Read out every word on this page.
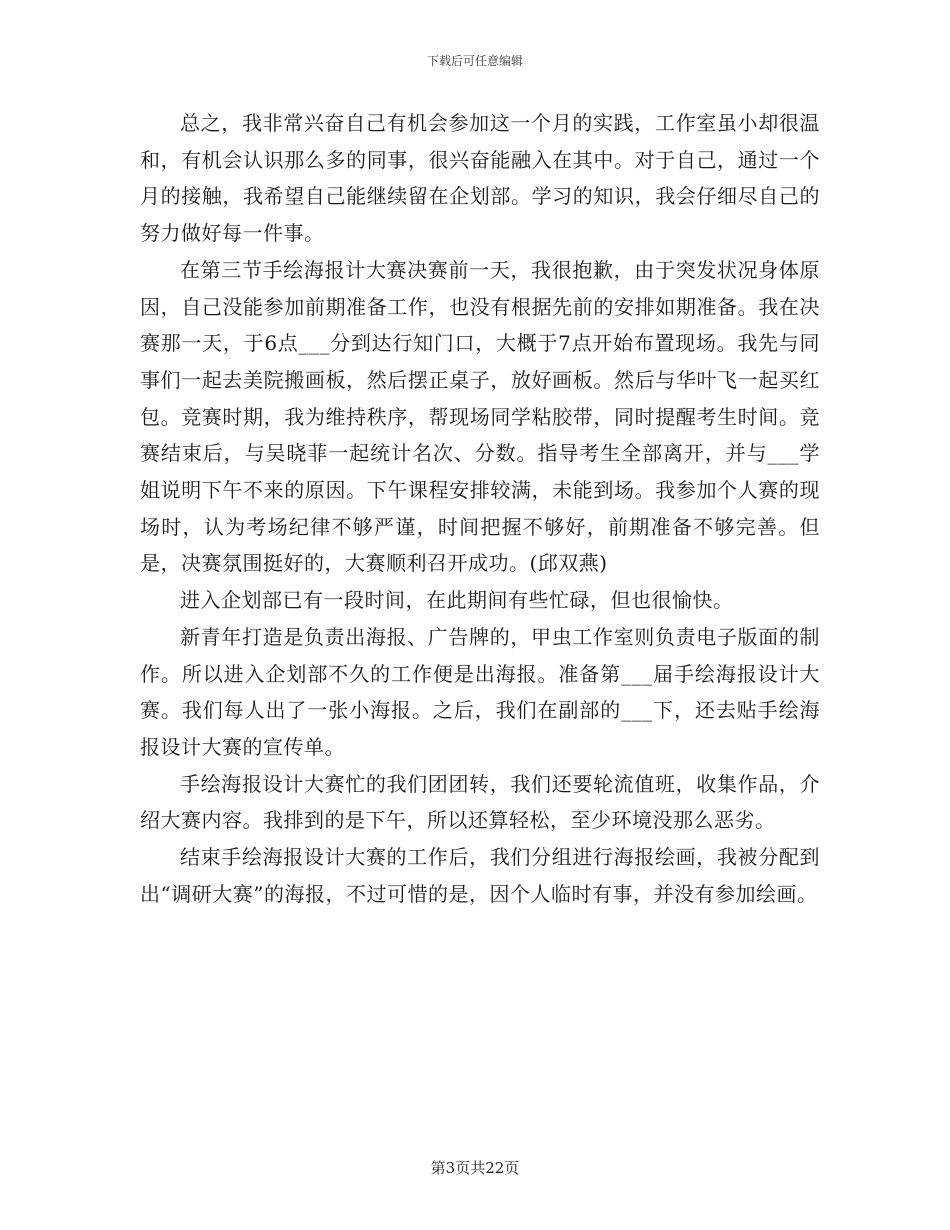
下载后可任意编辑

总之，我非常兴奋自己有机会参加这一个月的实践，工作室虽小却很温和，有机会认识那么多的同事，很兴奋能融入在其中。对于自己，通过一个月的接触，我希望自己能继续留在企划部。学习的知识，我会仔细尽自己的努力做好每一件事。

在第三节手绘海报计大赛决赛前一天，我很抱歉，由于突发状况身体原因，自己没能参加前期准备工作，也没有根据先前的安排如期准备。我在决赛那一天，于6点___分到达行知门口，大概于7点开始布置现场。我先与同事们一起去美院搬画板，然后摆正桌子，放好画板。然后与华叶飞一起买红包。竞赛时期，我为维持秩序，帮现场同学粘胶带，同时提醒考生时间。竞赛结束后，与吴晓菲一起统计名次、分数。指导考生全部离开，并与___学姐说明下午不来的原因。下午课程安排较满，未能到场。我参加个人赛的现场时，认为考场纪律不够严谨，时间把握不够好，前期准备不够完善。但是，决赛氛围挺好的，大赛顺利召开成功。(邱双燕)

进入企划部已有一段时间，在此期间有些忙碌，但也很愉快。

新青年打造是负责出海报、广告牌的，甲虫工作室则负责电子版面的制作。所以进入企划部不久的工作便是出海报。准备第___届手绘海报设计大赛。我们每人出了一张小海报。之后，我们在副部的___下，还去贴手绘海报设计大赛的宣传单。

手绘海报设计大赛忙的我们团团转，我们还要轮流值班，收集作品，介绍大赛内容。我排到的是下午，所以还算轻松，至少环境没那么恶劣。

结束手绘海报设计大赛的工作后，我们分组进行海报绘画，我被分配到出“调研大赛”的海报，不过可惜的是，因个人临时有事，并没有参加绘画。

第3页共22页
